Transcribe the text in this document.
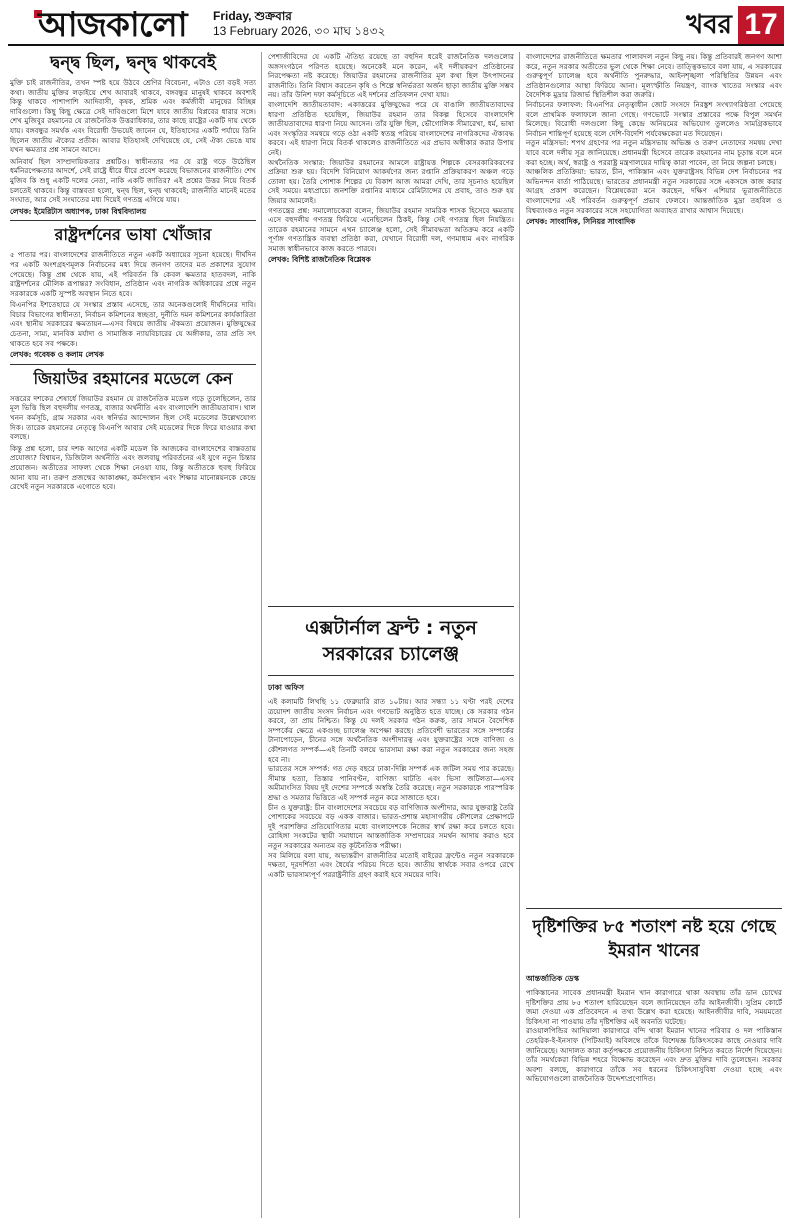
আজকালো Friday, শুক্রবার
13 February 2026, ৩০ মাঘ ১৪৩২	খবর 17
দ্বন্দ্ব ছিল, দ্বন্দ্ব থাকবেই

মুক্তি চাই রাজনীতির, তখন স্পষ্ট হয়ে উঠবে শ্রেণির বিবেচনা, এটাও তো বড়ই সত্য কথা। জাতীয় মুক্তির লড়াইয়ে শেখ আবারই থাকবে, বঙ্গবন্ধুর মানুষই থাকবে অবশ্যই কিন্তু থাকবে পাশাপাশি আদিবাসী, কৃষক, শ্রমিক এবং কর্মজীবী মানুষের বিচ্ছিন্ন দাবিগুলো। কিছু কিছু ক্ষেত্রে সেই দাবিগুলো মিশে যাবে জাতীয় বিপ্লবের ধারার সঙ্গে। শেখ মুজিবুর রহমানের যে রাজনৈতিক উত্তরাধিকার, তার কাছে রাষ্ট্রের একটি দায় থেকে যায়। বঙ্গবন্ধুর সমর্থক এবং বিরোধী উভয়েই জানেন যে, ইতিহাসের একটি পর্যায়ে তিনি ছিলেন জাতীয় ঐক্যের প্রতীক। আবার ইতিহাসই দেখিয়েছে যে, সেই ঐক্য ভেঙে যায় যখন ক্ষমতার প্রশ্ন সামনে আসে।

অনিবার্য ছিল সাম্প্রদায়িকতার প্রশ্নটিও। স্বাধীনতার পর যে রাষ্ট্র গড়ে উঠেছিল ধর্মনিরপেক্ষতার আদর্শে, সেই রাষ্ট্রে ধীরে ধীরে প্রবেশ করেছে বিভাজনের রাজনীতি। শেখ মুজিব কি শুধু একটি দলের নেতা, নাকি একটি জাতির? এই প্রশ্নের উত্তর নিয়ে বিতর্ক চলতেই থাকবে। কিন্তু বাস্তবতা হলো, দ্বন্দ্ব ছিল, দ্বন্দ্ব থাকবেই; রাজনীতি মানেই মতের সংঘাত, আর সেই সংঘাতের মধ্য দিয়েই গণতন্ত্র এগিয়ে যায়।

লেখক: ইমেরিটাস অধ্যাপক, ঢাকা বিশ্ববিদ্যালয়

রাষ্ট্রদর্শনের ভাষা খোঁজার

৫ পাতার পর। বাংলাদেশের রাজনীতিতে নতুন একটি অধ্যায়ের সূচনা হয়েছে। দীর্ঘদিন পর একটি অংশগ্রহণমূলক নির্বাচনের মধ্য দিয়ে জনগণ তাদের মত প্রকাশের সুযোগ পেয়েছে। কিন্তু প্রশ্ন থেকে যায়, এই পরিবর্তন কি কেবল ক্ষমতার হাতবদল, নাকি রাষ্ট্রদর্শনের মৌলিক রূপান্তর? সংবিধান, প্রতিষ্ঠান এবং নাগরিক অধিকারের প্রশ্নে নতুন সরকারকে একটি সুস্পষ্ট অবস্থান নিতে হবে।

বিএনপির ইশতেহারে যে সংস্কার প্রস্তাব এসেছে, তার অনেকগুলোই দীর্ঘদিনের দাবি। বিচার বিভাগের স্বাধীনতা, নির্বাচন কমিশনের স্বচ্ছতা, দুর্নীতি দমন কমিশনের কার্যকারিতা এবং স্থানীয় সরকারের ক্ষমতায়ন—এসব বিষয়ে জাতীয় ঐকমত্য প্রয়োজন। মুক্তিযুদ্ধের চেতনা, সাম্য, মানবিক মর্যাদা ও সামাজিক ন্যায়বিচারের যে অঙ্গীকার, তার প্রতি সৎ থাকতে হবে সব পক্ষকে।

লেখক: গবেষক ও কলাম লেখক

জিয়াউর রহমানের মডেলে কেন

সত্তরের দশকের শেষার্ধে জিয়াউর রহমান যে রাজনৈতিক মডেল গড়ে তুলেছিলেন, তার মূল ভিত্তি ছিল বহুদলীয় গণতন্ত্র, বাজার অর্থনীতি এবং বাংলাদেশি জাতীয়তাবাদ। খাল খনন কর্মসূচি, গ্রাম সরকার এবং স্বনির্ভর আন্দোলন ছিল সেই মডেলের উল্লেখযোগ্য দিক। তারেক রহমানের নেতৃত্বে বিএনপি আবার সেই মডেলের দিকে ফিরে যাওয়ার কথা বলছে।

কিন্তু প্রশ্ন হলো, চার দশক আগের একটি মডেল কি আজকের বাংলাদেশের বাস্তবতায় প্রযোজ্য? বিশ্বায়ন, ডিজিটাল অর্থনীতি এবং জলবায়ু পরিবর্তনের এই যুগে নতুন চিন্তার প্রয়োজন। অতীতের সাফল্য থেকে শিক্ষা নেওয়া যায়, কিন্তু অতীতকে হুবহু ফিরিয়ে আনা যায় না। তরুণ প্রজন্মের আকাঙ্ক্ষা, কর্মসংস্থান এবং শিক্ষার মানোন্নয়নকে কেন্দ্রে রেখেই নতুন সরকারকে এগোতে হবে।

পেশাজীবিদের যে একটি ঐতিহ্য রয়েছে তা বহুদিন ধরেই রাজনৈতিক দলগুলোর অঙ্গসংগঠনে পরিণত হয়েছে। অনেকেই মনে করেন, এই দলীয়করণ প্রতিষ্ঠানের নিরপেক্ষতা নষ্ট করেছে। জিয়াউর রহমানের রাজনীতির মূল কথা ছিল উৎপাদনের রাজনীতি। তিনি বিশ্বাস করতেন কৃষি ও শিল্পে স্বনির্ভরতা অর্জন ছাড়া জাতীয় মুক্তি সম্ভব নয়। তাঁর উনিশ দফা কর্মসূচিতে এই দর্শনের প্রতিফলন দেখা যায়।

বাংলাদেশি জাতীয়তাবাদ: একাত্তরের মুক্তিযুদ্ধের পরে যে বাঙালি জাতীয়তাবাদের ধারণা প্রতিষ্ঠিত হয়েছিল, জিয়াউর রহমান তার বিকল্প হিসেবে বাংলাদেশি জাতীয়তাবাদের ধারণা নিয়ে আসেন। তাঁর যুক্তি ছিল, ভৌগোলিক সীমারেখা, ধর্ম, ভাষা এবং সংস্কৃতির সমন্বয়ে গড়ে ওঠা একটি স্বতন্ত্র পরিচয় বাংলাদেশের নাগরিকদের ঐক্যবদ্ধ করবে। এই ধারণা নিয়ে বিতর্ক থাকলেও রাজনীতিতে এর প্রভাব অস্বীকার করার উপায় নেই।

অর্থনৈতিক সংস্কার: জিয়াউর রহমানের আমলে রাষ্ট্রায়ত্ত শিল্পকে বেসরকারিকরণের প্রক্রিয়া শুরু হয়। বিদেশি বিনিয়োগ আকর্ষণের জন্য রপ্তানি প্রক্রিয়াকরণ অঞ্চল গড়ে তোলা হয়। তৈরি পোশাক শিল্পের যে বিকাশ আজ আমরা দেখি, তার সূচনাও হয়েছিল সেই সময়ে। মধ্যপ্রাচ্যে জনশক্তি রপ্তানির মাধ্যমে রেমিট্যান্সের যে প্রবাহ, তাও শুরু হয় জিয়ার আমলেই।

গণতন্ত্রের প্রশ্ন: সমালোচকেরা বলেন, জিয়াউর রহমান সামরিক শাসক হিসেবে ক্ষমতায় এসে বহুদলীয় গণতন্ত্র ফিরিয়ে এনেছিলেন ঠিকই, কিন্তু সেই গণতন্ত্র ছিল নিয়ন্ত্রিত। তারেক রহমানের সামনে এখন চ্যালেঞ্জ হলো, সেই সীমাবদ্ধতা অতিক্রম করে একটি পূর্ণাঙ্গ গণতান্ত্রিক ব্যবস্থা প্রতিষ্ঠা করা, যেখানে বিরোধী দল, গণমাধ্যম এবং নাগরিক সমাজ স্বাধীনভাবে কাজ করতে পারবে।

লেখক: বিশিষ্ট রাজনৈতিক বিশ্লেষক

এক্সটার্নাল ফ্রন্ট : নতুন সরকারের চ্যালেঞ্জ
ঢাকা অফিস

এই কলামটি লিখছি ১১ ফেব্রুয়ারি রাত ১০টায়। আর সন্ধ্যা ১১ ঘণ্টা পরই দেশের ত্রয়োদশ জাতীয় সংসদ নির্বাচন এবং গণভোট অনুষ্ঠিত হতে যাচ্ছে। কে সরকার গঠন করবে, তা প্রায় নিশ্চিত। কিন্তু যে দলই সরকার গঠন করুক, তার সামনে বৈদেশিক সম্পর্কের ক্ষেত্রে একগুচ্ছ চ্যালেঞ্জ অপেক্ষা করছে। প্রতিবেশী ভারতের সঙ্গে সম্পর্কের টানাপোড়েন, চীনের সঙ্গে অর্থনৈতিক অংশীদারত্ব এবং যুক্তরাষ্ট্রের সঙ্গে বাণিজ্য ও কৌশলগত সম্পর্ক—এই তিনটি বলয়ে ভারসাম্য রক্ষা করা নতুন সরকারের জন্য সহজ হবে না।

ভারতের সঙ্গে সম্পর্ক: গত দেড় বছরে ঢাকা-দিল্লি সম্পর্ক এক জটিল সময় পার করেছে। সীমান্ত হত্যা, তিস্তার পানিবণ্টন, বাণিজ্য ঘাটতি এবং ভিসা জটিলতা—এসব অমীমাংসিত বিষয় দুই দেশের সম্পর্কে অস্বস্তি তৈরি করেছে। নতুন সরকারকে পারস্পরিক শ্রদ্ধা ও সমতার ভিত্তিতে এই সম্পর্ক নতুন করে সাজাতে হবে।

চীন ও যুক্তরাষ্ট্র: চীন বাংলাদেশের সবচেয়ে বড় বাণিজ্যিক অংশীদার, আর যুক্তরাষ্ট্র তৈরি পোশাকের সবচেয়ে বড় একক বাজার। ভারত-প্রশান্ত মহাসাগরীয় কৌশলের প্রেক্ষাপটে দুই পরাশক্তির প্রতিযোগিতার মধ্যে বাংলাদেশকে নিজের স্বার্থ রক্ষা করে চলতে হবে। রোহিঙ্গা সংকটের স্থায়ী সমাধানে আন্তর্জাতিক সম্প্রদায়ের সমর্থন আদায় করাও হবে নতুন সরকারের অন্যতম বড় কূটনৈতিক পরীক্ষা।

সব মিলিয়ে বলা যায়, অভ্যন্তরীণ রাজনীতির মতোই বাইরের ফ্রন্টেও নতুন সরকারকে দক্ষতা, দূরদর্শিতা এবং ধৈর্যের পরিচয় দিতে হবে। জাতীয় স্বার্থকে সবার ওপরে রেখে একটি ভারসাম্যপূর্ণ পররাষ্ট্রনীতি গ্রহণ করাই হবে সময়ের দাবি।

বাংলাদেশের রাজনীতিতে ক্ষমতার পালাবদল নতুন কিছু নয়। কিন্তু প্রতিবারই জনগণ আশা করে, নতুন সরকার অতীতের ভুল থেকে শিক্ষা নেবে। তাত্ত্বিকভাবে বলা যায়, এ সরকারের গুরুত্বপূর্ণ চ্যালেঞ্জ হবে অর্থনীতি পুনরুদ্ধার, আইনশৃঙ্খলা পরিস্থিতির উন্নয়ন এবং প্রতিষ্ঠানগুলোর আস্থা ফিরিয়ে আনা। মূল্যস্ফীতি নিয়ন্ত্রণ, ব্যাংক খাতের সংস্কার এবং বৈদেশিক মুদ্রার রিজার্ভ স্থিতিশীল করা জরুরি।

নির্বাচনের ফলাফল: বিএনপির নেতৃত্বাধীন জোট সংসদে নিরঙ্কুশ সংখ্যাগরিষ্ঠতা পেয়েছে বলে প্রাথমিক ফলাফলে জানা গেছে। গণভোটে সংস্কার প্রস্তাবের পক্ষে বিপুল সমর্থন মিলেছে। বিরোধী দলগুলো কিছু কেন্দ্রে অনিয়মের অভিযোগ তুললেও সামগ্রিকভাবে নির্বাচন শান্তিপূর্ণ হয়েছে বলে দেশি-বিদেশি পর্যবেক্ষকেরা মত দিয়েছেন।

নতুন মন্ত্রিসভা: শপথ গ্রহণের পর নতুন মন্ত্রিসভায় অভিজ্ঞ ও তরুণ নেতাদের সমন্বয় দেখা যাবে বলে দলীয় সূত্র জানিয়েছে। প্রধানমন্ত্রী হিসেবে তারেক রহমানের নাম চূড়ান্ত বলে মনে করা হচ্ছে। অর্থ, স্বরাষ্ট্র ও পররাষ্ট্র মন্ত্রণালয়ের দায়িত্ব কারা পাবেন, তা নিয়ে জল্পনা চলছে।

আঞ্চলিক প্রতিক্রিয়া: ভারত, চীন, পাকিস্তান এবং যুক্তরাষ্ট্রসহ বিভিন্ন দেশ নির্বাচনের পর অভিনন্দন বার্তা পাঠিয়েছে। ভারতের প্রধানমন্ত্রী নতুন সরকারের সঙ্গে একসঙ্গে কাজ করার আগ্রহ প্রকাশ করেছেন। বিশ্লেষকেরা মনে করছেন, দক্ষিণ এশিয়ার ভূরাজনীতিতে বাংলাদেশের এই পরিবর্তন গুরুত্বপূর্ণ প্রভাব ফেলবে। আন্তর্জাতিক মুদ্রা তহবিল ও বিশ্বব্যাংকও নতুন সরকারের সঙ্গে সহযোগিতা অব্যাহত রাখার আশ্বাস দিয়েছে।

লেখক: সাংবাদিক, সিনিয়র সাংবাদিক

দৃষ্টিশক্তির ৮৫ শতাংশ নষ্ট হয়ে গেছে ইমরান খানের
আন্তর্জাতিক ডেস্ক

পাকিস্তানের সাবেক প্রধানমন্ত্রী ইমরান খান কারাগারে থাকা অবস্থায় তাঁর ডান চোখের দৃষ্টিশক্তির প্রায় ৮৫ শতাংশ হারিয়েছেন বলে জানিয়েছেন তাঁর আইনজীবী। সুপ্রিম কোর্টে জমা দেওয়া এক প্রতিবেদনে এ তথ্য উল্লেখ করা হয়েছে। আইনজীবীর দাবি, সময়মতো চিকিৎসা না পাওয়ায় তাঁর দৃষ্টিশক্তির এই অবনতি ঘটেছে।

রাওয়ালপিন্ডির আদিয়ালা কারাগারে বন্দি থাকা ইমরান খানের পরিবার ও দল পাকিস্তান তেহরিক-ই-ইনসাফ (পিটিআই) অবিলম্বে তাঁকে বিশেষজ্ঞ চিকিৎসকের কাছে নেওয়ার দাবি জানিয়েছে। আদালত কারা কর্তৃপক্ষকে প্রয়োজনীয় চিকিৎসা নিশ্চিত করতে নির্দেশ দিয়েছেন। তাঁর সমর্থকেরা বিভিন্ন শহরে বিক্ষোভ করেছেন এবং দ্রুত মুক্তির দাবি তুলেছেন। সরকার অবশ্য বলছে, কারাগারে তাঁকে সব ধরনের চিকিৎসাসুবিধা দেওয়া হচ্ছে এবং অভিযোগগুলো রাজনৈতিক উদ্দেশ্যপ্রণোদিত।
